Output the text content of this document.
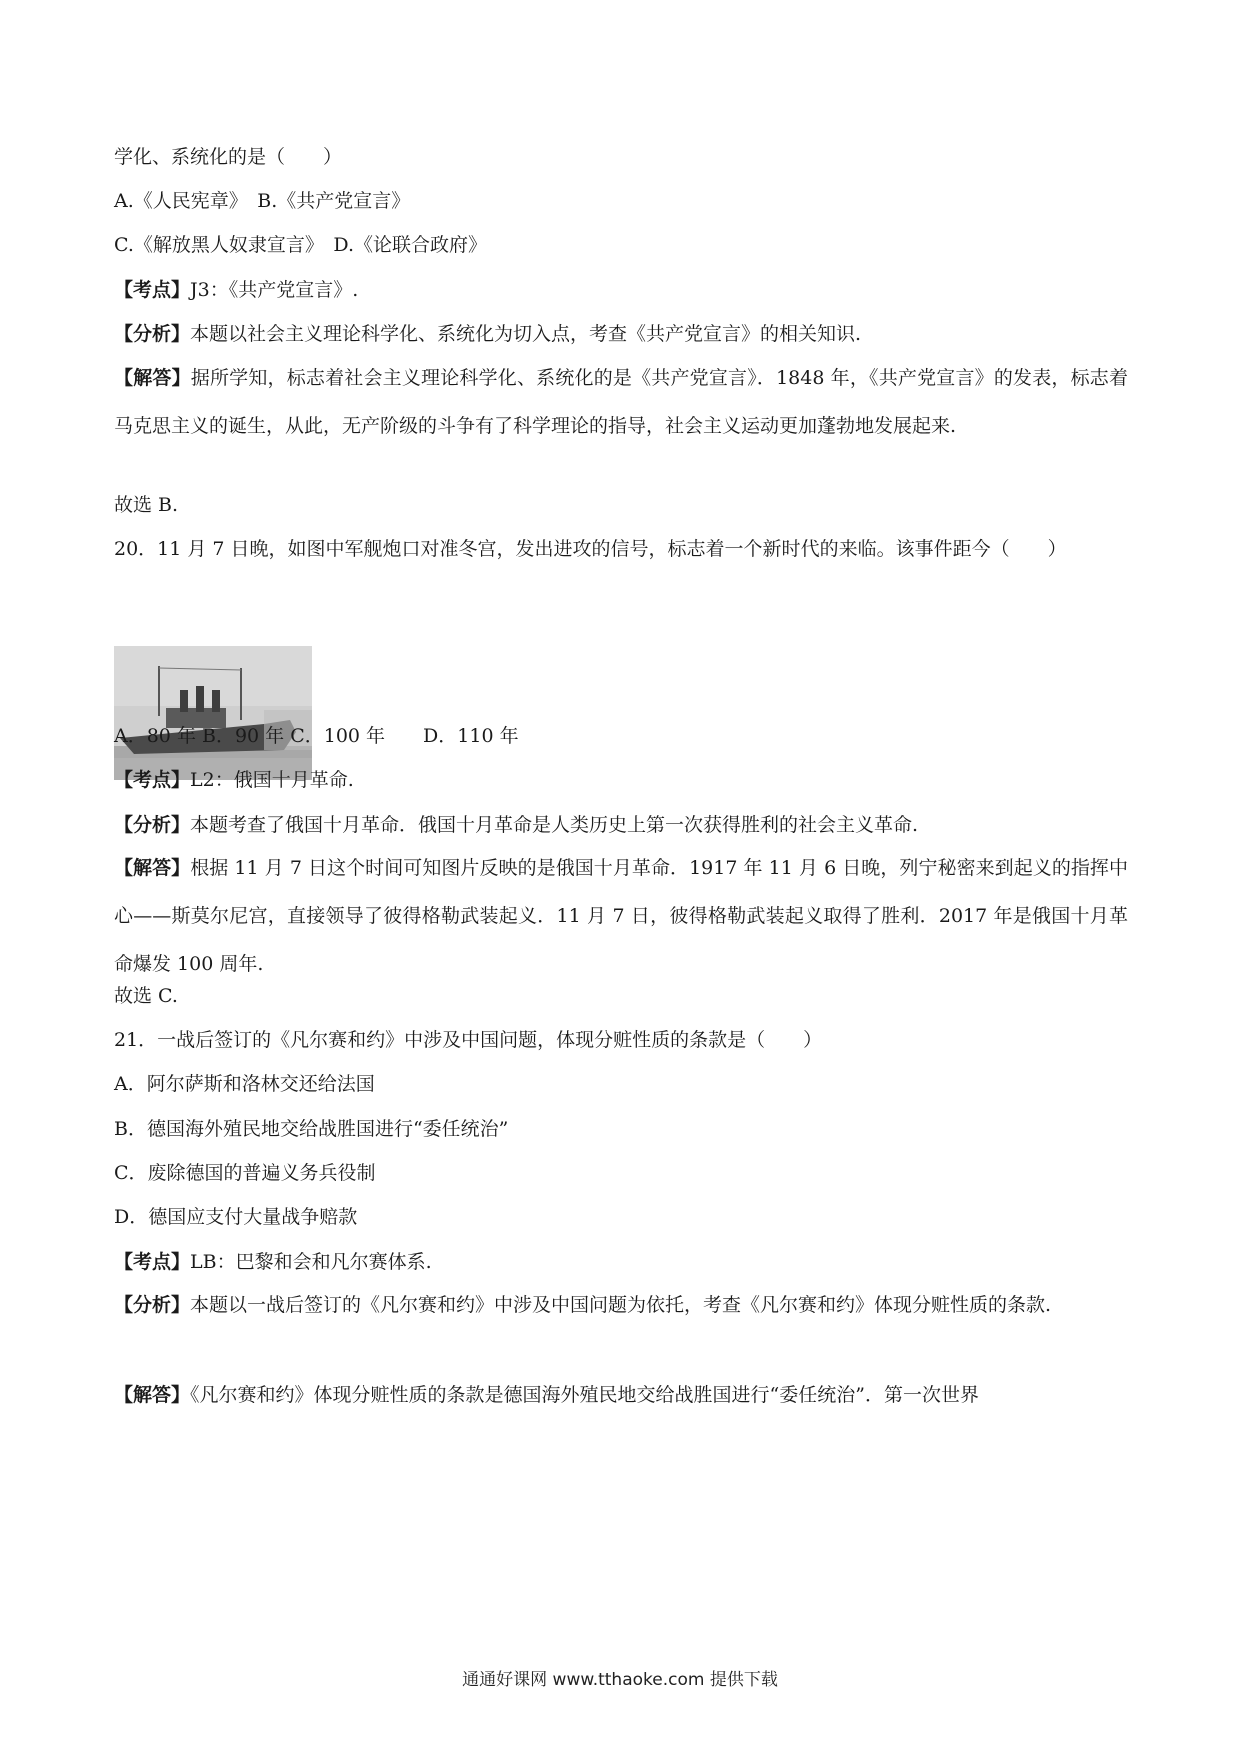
学化、系统化的是（　　）
A.《人民宪章》　B.《共产党宣言》
C.《解放黑人奴隶宣言》　D.《论联合政府》
【考点】J3：《共产党宣言》.
【分析】本题以社会主义理论科学化、系统化为切入点，考查《共产党宣言》的相关知识.
【解答】据所学知，标志着社会主义理论科学化、系统化的是《共产党宣言》．1848 年，《共产党宣言》的发表，标志着马克思主义的诞生，从此，无产阶级的斗争有了科学理论的指导，社会主义运动更加蓬勃地发展起来.
故选 B.
20．11 月 7 日晚，如图中军舰炮口对准冬宫，发出进攻的信号，标志着一个新时代的来临。该事件距今（　　）
A．80 年 B．90 年 C．100 年　　D．110 年
【考点】L2：俄国十月革命.
【分析】本题考查了俄国十月革命．俄国十月革命是人类历史上第一次获得胜利的社会主义革命.
【解答】根据 11 月 7 日这个时间可知图片反映的是俄国十月革命．1917 年 11 月 6 日晚，列宁秘密来到起义的指挥中心——斯莫尔尼宫，直接领导了彼得格勒武装起义．11 月 7 日，彼得格勒武装起义取得了胜利．2017 年是俄国十月革命爆发 100 周年.
故选 C.
21．一战后签订的《凡尔赛和约》中涉及中国问题，体现分赃性质的条款是（　　）
A．阿尔萨斯和洛林交还给法国
B．德国海外殖民地交给战胜国进行“委任统治”
C．废除德国的普遍义务兵役制
D．德国应支付大量战争赔款
【考点】LB：巴黎和会和凡尔赛体系.
【分析】本题以一战后签订的《凡尔赛和约》中涉及中国问题为依托，考查《凡尔赛和约》体现分赃性质的条款.
【解答】《凡尔赛和约》体现分赃性质的条款是德国海外殖民地交给战胜国进行“委任统治”．第一次世界
通通好课网 www.tthaoke.com 提供下载
